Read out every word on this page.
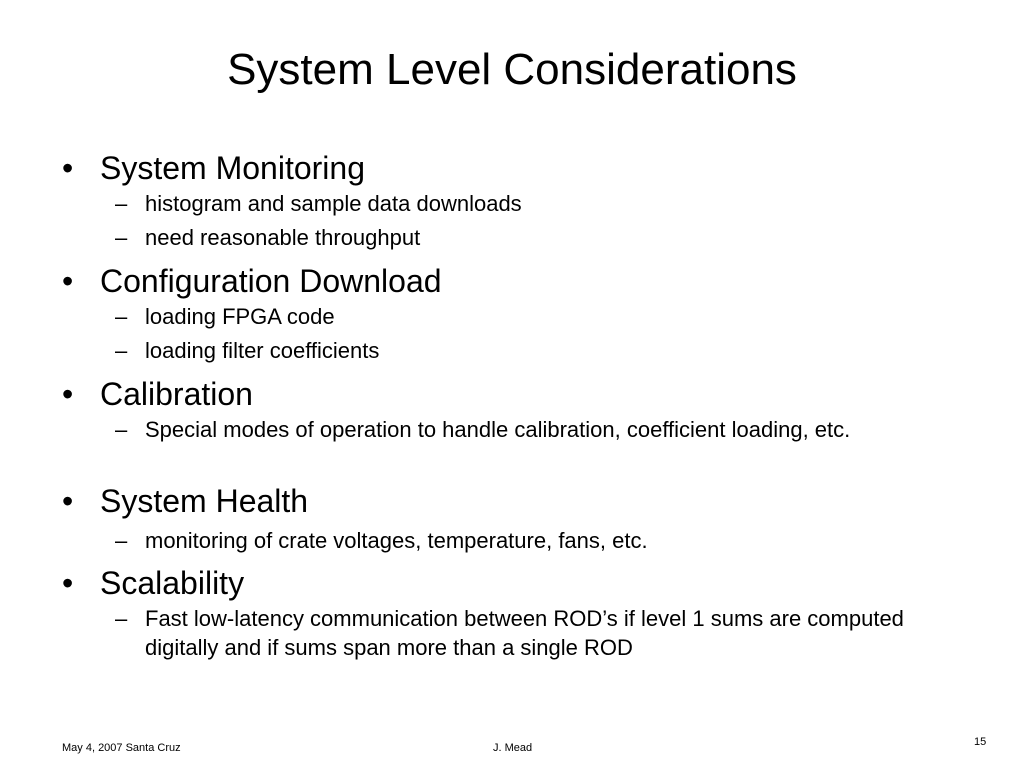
System Level Considerations
• System Monitoring
– histogram and sample data downloads
– need reasonable throughput
• Configuration Download
– loading FPGA code
– loading filter coefficients
• Calibration
– Special modes of operation to handle calibration, coefficient loading, etc.
• System Health
– monitoring of crate voltages, temperature, fans, etc.
• Scalability
– Fast low-latency communication between ROD’s if level 1 sums are computed digitally and if sums span more than a single ROD
May 4, 2007 Santa Cruz	J. Mead	15
